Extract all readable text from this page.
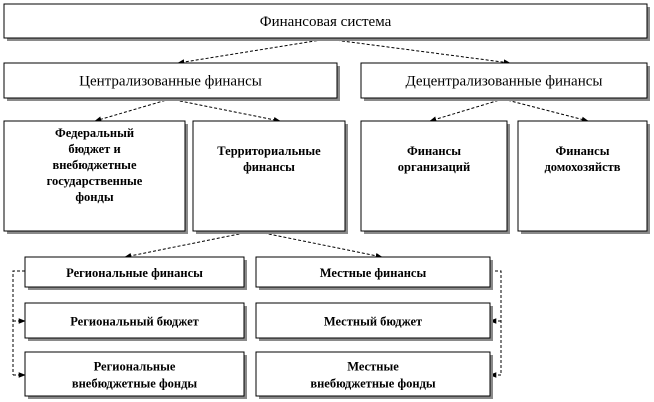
Финансовая система
Централизованные финансы	Децентрализованные финансы
Федеральный
бюджет и
внебюджетные
государственные
фонды
Территориальные
финансы
Финансы
организаций
Финансы
домохозяйств
Региональные финансы	Местные финансы
Региональный бюджет	Местный бюджет
Региональные
внебюджетные фонды
Местные
внебюджетные фонды
